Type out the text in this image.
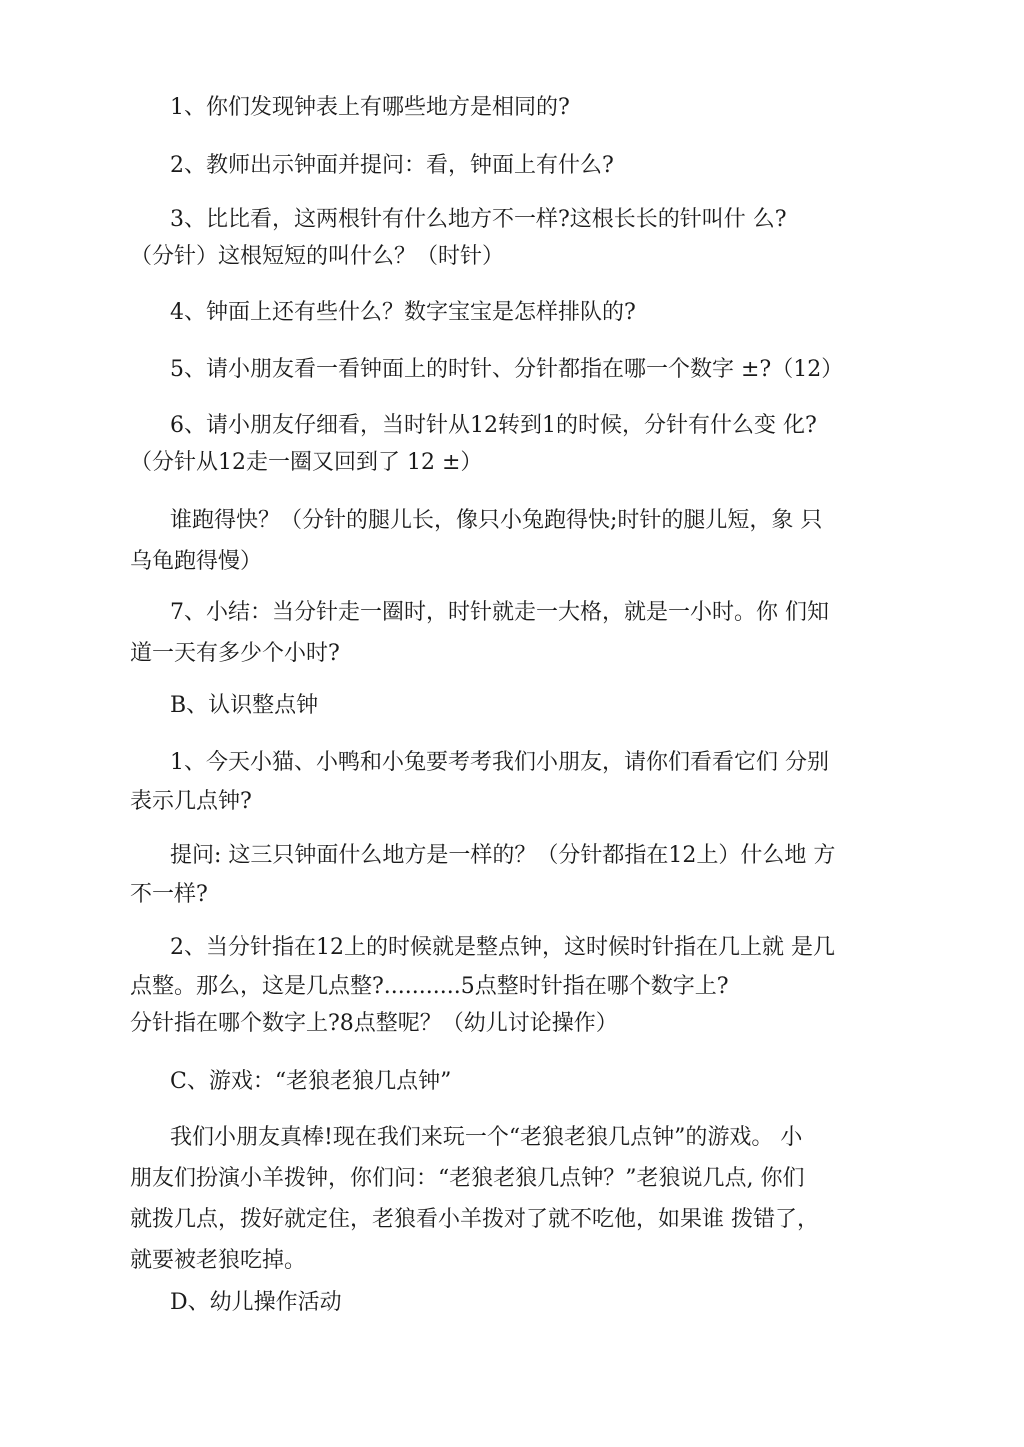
1、你们发现钟表上有哪些地方是相同的?

2、教师出示钟面并提问：看，钟面上有什么?

3、比比看，这两根针有什么地方不一样?这根长长的针叫什 么?
（分针）这根短短的叫什么？（时针）

4、钟面上还有些什么？数字宝宝是怎样排队的?

5、请小朋友看一看钟面上的时针、分针都指在哪一个数字 ±?（12）

6、请小朋友仔细看，当时针从12转到1的时候，分针有什么变 化?
（分针从12走一圈又回到了 12 ±）

谁跑得快？（分针的腿儿长，像只小兔跑得快;时针的腿儿短，象 只
乌龟跑得慢）

7、小结：当分针走一圈时，时针就走一大格，就是一小时。你 们知
道一天有多少个小时?

B、认识整点钟

1、今天小猫、小鸭和小兔要考考我们小朋友，请你们看看它们 分别
表示几点钟?

提问: 这三只钟面什么地方是一样的？（分针都指在12上）什么地 方
不一样?

2、当分针指在12上的时候就是整点钟，这时候时针指在几上就 是几
点整。那么，这是几点整?...........5点整时针指在哪个数字上?
分针指在哪个数字上?8点整呢？（幼儿讨论操作）

C、游戏：“老狼老狼几点钟”

我们小朋友真棒!现在我们来玩一个“老狼老狼几点钟”的游戏。 小
朋友们扮演小羊拨钟，你们问：“老狼老狼几点钟？”老狼说几点, 你们
就拨几点，拨好就定住，老狼看小羊拨对了就不吃他，如果谁 拨错了，
就要被老狼吃掉。

D、幼儿操作活动
